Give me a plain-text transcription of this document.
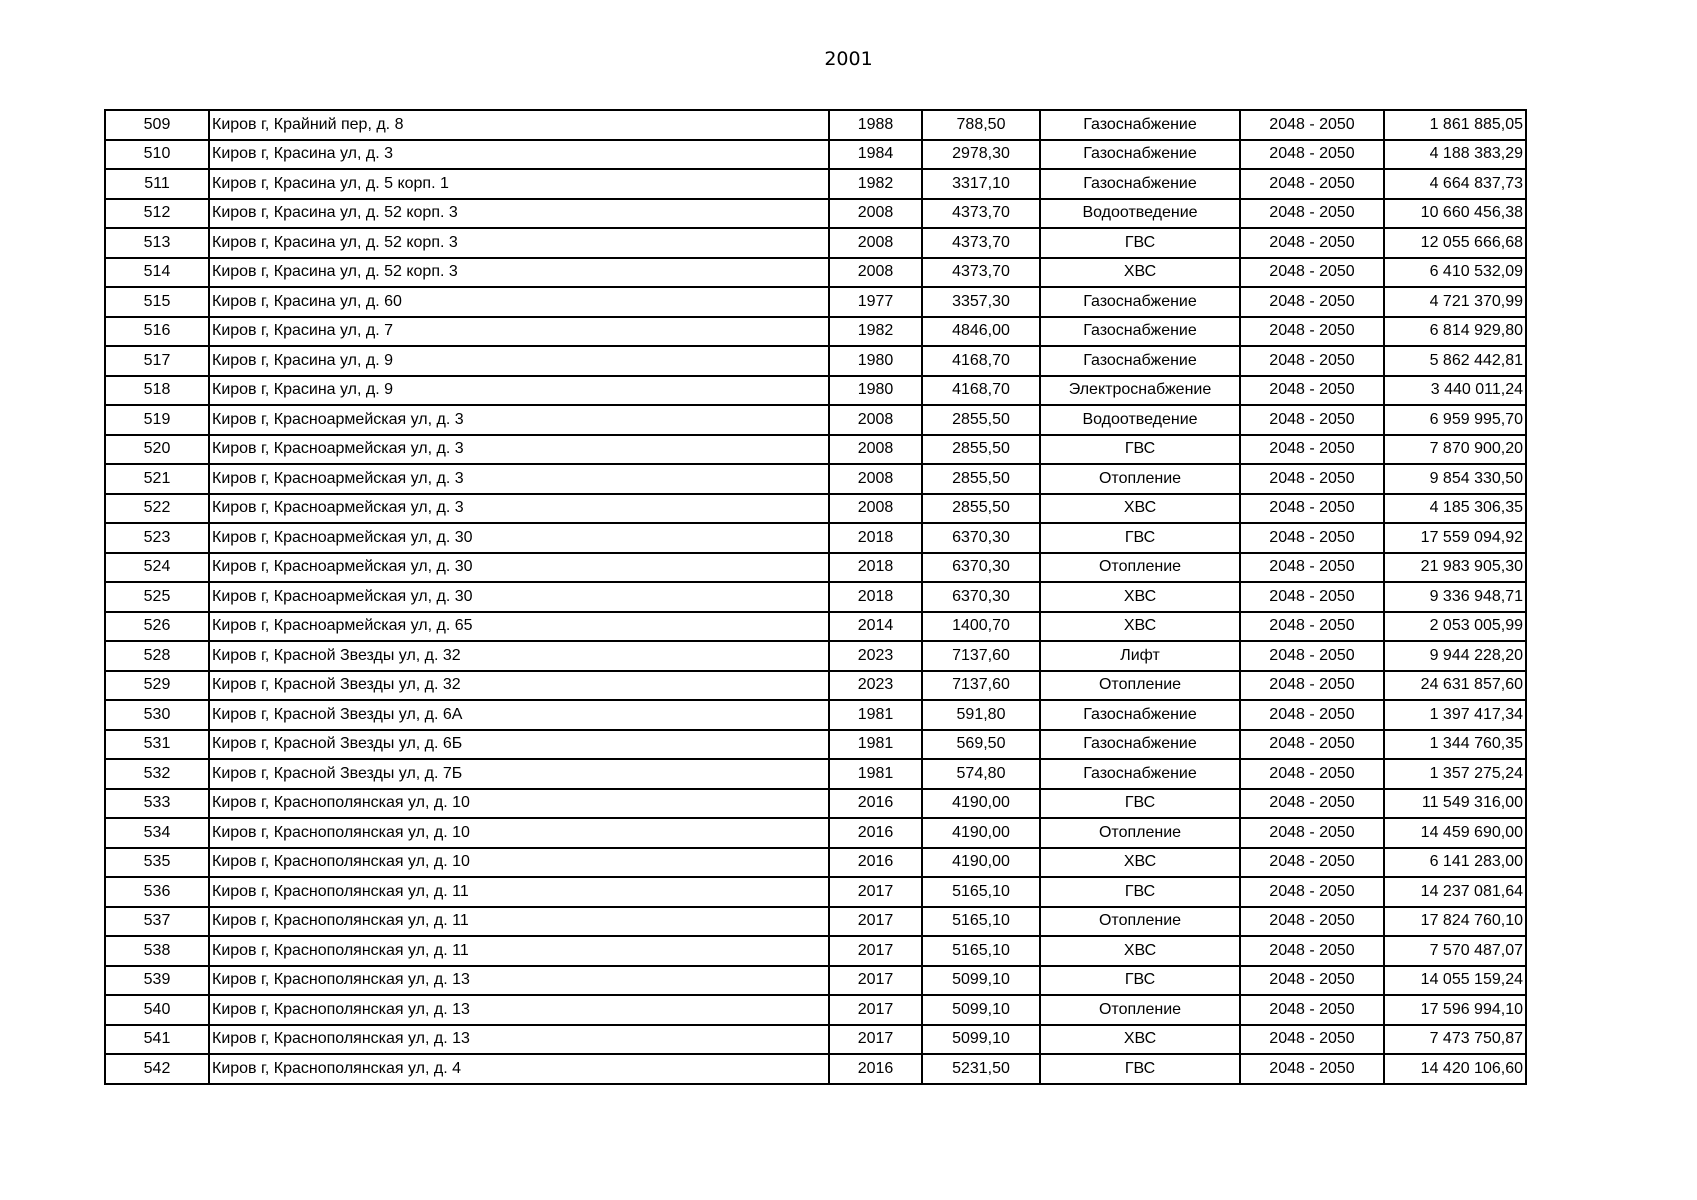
2001
509	Киров г, Крайний пер, д. 8	1988	788,50	Газоснабжение	2048 - 2050	1 861 885,05
510	Киров г, Красина ул, д. 3	1984	2978,30	Газоснабжение	2048 - 2050	4 188 383,29
511	Киров г, Красина ул, д. 5 корп. 1	1982	3317,10	Газоснабжение	2048 - 2050	4 664 837,73
512	Киров г, Красина ул, д. 52 корп. 3	2008	4373,70	Водоотведение	2048 - 2050	10 660 456,38
513	Киров г, Красина ул, д. 52 корп. 3	2008	4373,70	ГВС	2048 - 2050	12 055 666,68
514	Киров г, Красина ул, д. 52 корп. 3	2008	4373,70	ХВС	2048 - 2050	6 410 532,09
515	Киров г, Красина ул, д. 60	1977	3357,30	Газоснабжение	2048 - 2050	4 721 370,99
516	Киров г, Красина ул, д. 7	1982	4846,00	Газоснабжение	2048 - 2050	6 814 929,80
517	Киров г, Красина ул, д. 9	1980	4168,70	Газоснабжение	2048 - 2050	5 862 442,81
518	Киров г, Красина ул, д. 9	1980	4168,70	Электроснабжение	2048 - 2050	3 440 011,24
519	Киров г, Красноармейская ул, д. 3	2008	2855,50	Водоотведение	2048 - 2050	6 959 995,70
520	Киров г, Красноармейская ул, д. 3	2008	2855,50	ГВС	2048 - 2050	7 870 900,20
521	Киров г, Красноармейская ул, д. 3	2008	2855,50	Отопление	2048 - 2050	9 854 330,50
522	Киров г, Красноармейская ул, д. 3	2008	2855,50	ХВС	2048 - 2050	4 185 306,35
523	Киров г, Красноармейская ул, д. 30	2018	6370,30	ГВС	2048 - 2050	17 559 094,92
524	Киров г, Красноармейская ул, д. 30	2018	6370,30	Отопление	2048 - 2050	21 983 905,30
525	Киров г, Красноармейская ул, д. 30	2018	6370,30	ХВС	2048 - 2050	9 336 948,71
526	Киров г, Красноармейская ул, д. 65	2014	1400,70	ХВС	2048 - 2050	2 053 005,99
528	Киров г, Красной Звезды ул, д. 32	2023	7137,60	Лифт	2048 - 2050	9 944 228,20
529	Киров г, Красной Звезды ул, д. 32	2023	7137,60	Отопление	2048 - 2050	24 631 857,60
530	Киров г, Красной Звезды ул, д. 6А	1981	591,80	Газоснабжение	2048 - 2050	1 397 417,34
531	Киров г, Красной Звезды ул, д. 6Б	1981	569,50	Газоснабжение	2048 - 2050	1 344 760,35
532	Киров г, Красной Звезды ул, д. 7Б	1981	574,80	Газоснабжение	2048 - 2050	1 357 275,24
533	Киров г, Краснополянская ул, д. 10	2016	4190,00	ГВС	2048 - 2050	11 549 316,00
534	Киров г, Краснополянская ул, д. 10	2016	4190,00	Отопление	2048 - 2050	14 459 690,00
535	Киров г, Краснополянская ул, д. 10	2016	4190,00	ХВС	2048 - 2050	6 141 283,00
536	Киров г, Краснополянская ул, д. 11	2017	5165,10	ГВС	2048 - 2050	14 237 081,64
537	Киров г, Краснополянская ул, д. 11	2017	5165,10	Отопление	2048 - 2050	17 824 760,10
538	Киров г, Краснополянская ул, д. 11	2017	5165,10	ХВС	2048 - 2050	7 570 487,07
539	Киров г, Краснополянская ул, д. 13	2017	5099,10	ГВС	2048 - 2050	14 055 159,24
540	Киров г, Краснополянская ул, д. 13	2017	5099,10	Отопление	2048 - 2050	17 596 994,10
541	Киров г, Краснополянская ул, д. 13	2017	5099,10	ХВС	2048 - 2050	7 473 750,87
542	Киров г, Краснополянская ул, д. 4	2016	5231,50	ГВС	2048 - 2050	14 420 106,60
